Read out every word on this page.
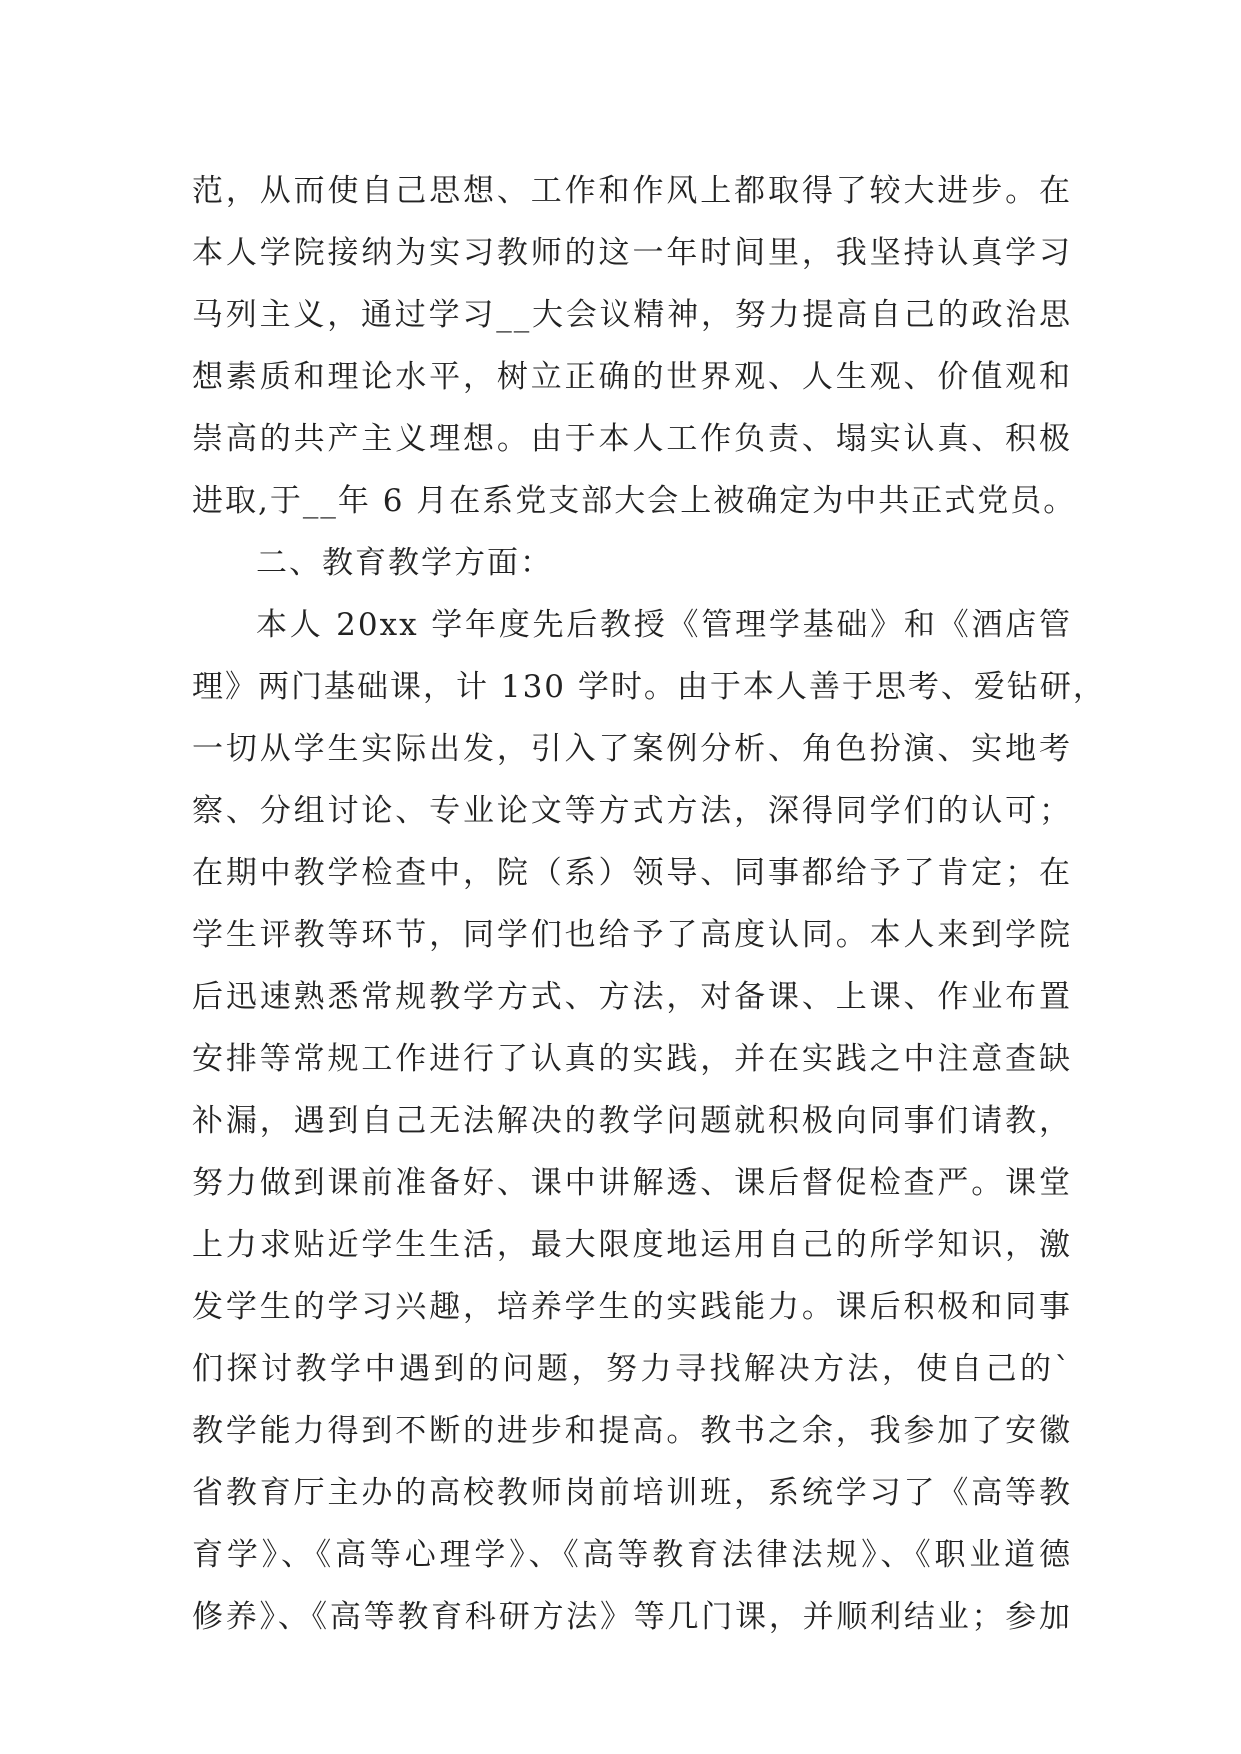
范，从而使自己思想、工作和作风上都取得了较大进步。在
本人学院接纳为实习教师的这一年时间里，我坚持认真学习
马列主义，通过学习__大会议精神，努力提高自己的政治思
想素质和理论水平，树立正确的世界观、人生观、价值观和
崇高的共产主义理想。由于本人工作负责、塌实认真、积极
进取,于__年 6 月在系党支部大会上被确定为中共正式党员。
二、教育教学方面：
本人 20xx 学年度先后教授《管理学基础》和《酒店管
理》两门基础课，计 130 学时。由于本人善于思考、爱钻研，
一切从学生实际出发，引入了案例分析、角色扮演、实地考
察、分组讨论、专业论文等方式方法，深得同学们的认可；
在期中教学检查中，院（系）领导、同事都给予了肯定；在
学生评教等环节，同学们也给予了高度认同。本人来到学院
后迅速熟悉常规教学方式、方法，对备课、上课、作业布置
安排等常规工作进行了认真的实践，并在实践之中注意查缺
补漏，遇到自己无法解决的教学问题就积极向同事们请教，
努力做到课前准备好、课中讲解透、课后督促检查严。课堂
上力求贴近学生生活，最大限度地运用自己的所学知识，激
发学生的学习兴趣，培养学生的实践能力。课后积极和同事
们探讨教学中遇到的问题，努力寻找解决方法，使自己的`
教学能力得到不断的进步和提高。教书之余，我参加了安徽
省教育厅主办的高校教师岗前培训班，系统学习了《高等教
育学》、《高等心理学》、《高等教育法律法规》、《职业道德
修养》、《高等教育科研方法》等几门课，并顺利结业；参加
